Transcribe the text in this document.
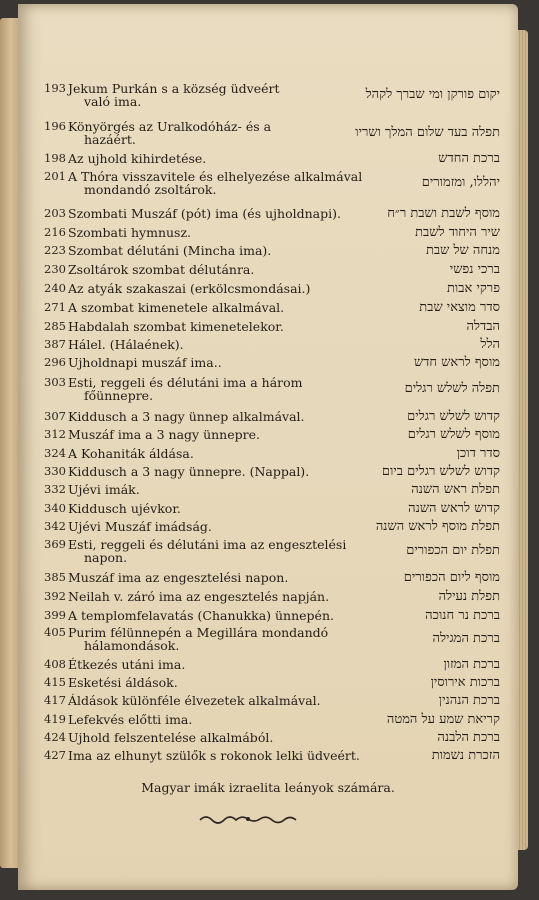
193 Jekum Purkán s a község üdveért
való ima.	יקום פורקן ומי שברך לקהל
196 Könyörgés az Uralkodóház- és a
hazáért.	תפלה בעד שלום המלך ושריו
198 Az ujhold kihirdetése.	ברכת החדש
201 A Thóra visszavitele és elhelyezése alkalmával
mondandó zsoltárok.	יהללו, ומזמורים
203 Szombati Muszáf (pót) ima (és ujholdnapi).	מוסף לשבת ושבת ר״ח
216 Szombati hymnusz.	שיר היחוד לשבת
223 Szombat délutáni (Mincha ima).	מנחה של שבת
230 Zsoltárok szombat délutánra.	ברכי נפשי
240 Az atyák szakaszai (erkölcsmondásai.)	פרקי אבות
271 A szombat kimenetele alkalmával.	סדר מוצאי שבת
285 Habdalah szombat kimenetelekor.	הבדלה
387 Hálel. (Hálaének).	הלל
296 Ujholdnapi muszáf ima..	מוסף לראש חדש
303 Esti, reggeli és délutáni ima a három
főünnepre.	תפלה לשלש רגלים
307 Kiddusch a 3 nagy ünnep alkalmával.	קדוש לשלש רגלים
312 Muszáf ima a 3 nagy ünnepre.	מוסף לשלש רגלים
324 A Kohaniták áldása.	סדר דוכן
330 Kiddusch a 3 nagy ünnepre. (Nappal).	קדוש לשלש רגלים ביום
332 Ujévi imák.	תפלת ראש השנה
340 Kiddusch ujévkor.	קדוש לראש השנה
342 Ujévi Muszáf imádság.	תפלת מוסף לראש השנה
369 Esti, reggeli és délutáni ima az engesztelési
napon.	תפלת יום הכפורים
385 Muszáf ima az engesztelési napon.	מוסף ליום הכפורים
392 Neilah v. záró ima az engesztelés napján.	תפלת נעילה
399 A templomfelavatás (Chanukka) ünnepén.	ברכת נר חנוכה
405 Purim félünnepén a Megillára mondandó
hálamondások.	ברכת המגילה
408 Étkezés utáni ima.	ברכת המזון
415 Esketési áldások.	ברכות אירוסין
417 Áldások különféle élvezetek alkalmával.	ברכת הנהנין
419 Lefekvés előtti ima.	קריאת שמע על המטה
424 Ujhold felszentelése alkalmából.	ברכת הלבנה
427 Ima az elhunyt szülők s rokonok lelki üdveért.	הזכרת נשמות
Magyar imák izraelita leányok számára.
